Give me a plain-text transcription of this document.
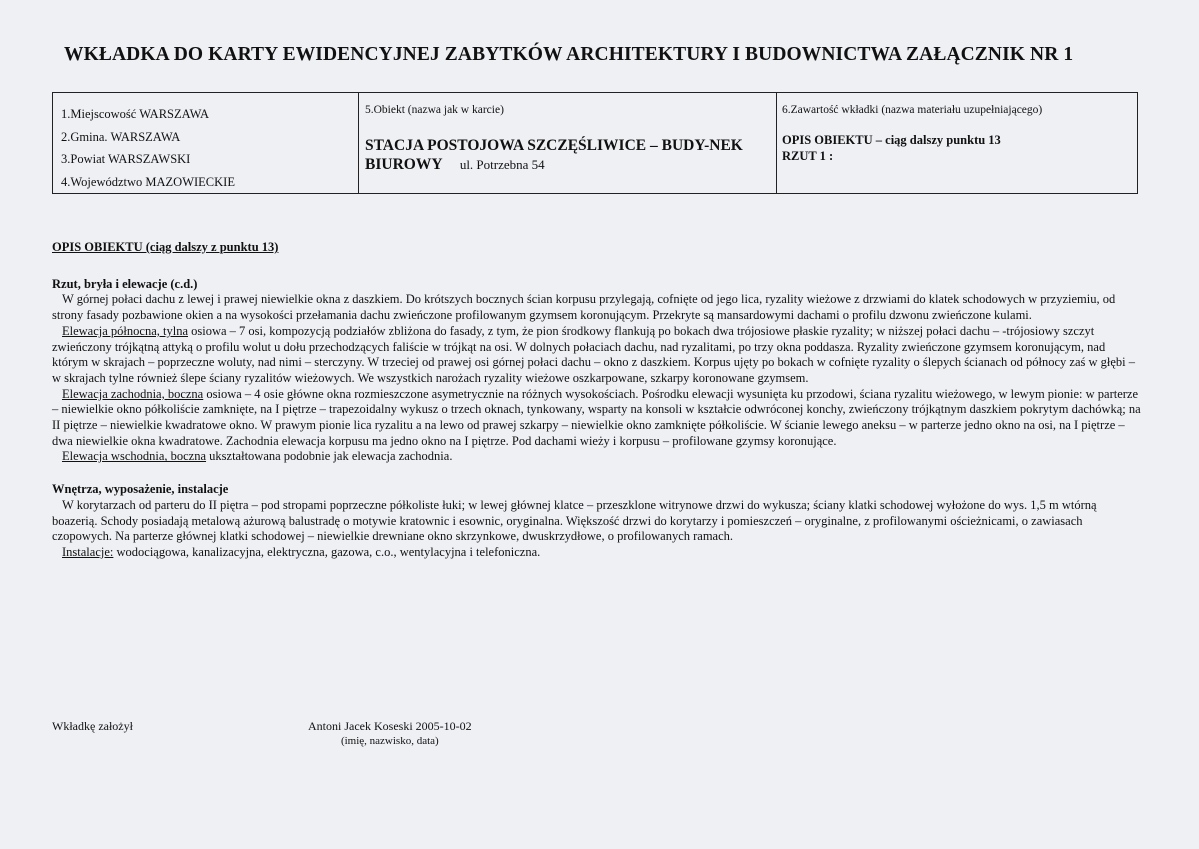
WKŁADKA DO KARTY EWIDENCYJNEJ ZABYTKÓW ARCHITEKTURY I BUDOWNICTWA ZAŁĄCZNIK NR 1
1.Miejscowość WARSZAWA
2.Gmina. WARSZAWA
3.Powiat WARSZAWSKI
4.Województwo MAZOWIECKIE
5.Obiekt (nazwa jak w karcie)
STACJA POSTOJOWA SZCZĘŚLIWICE – BUDY-NEK BIUROWY ul. Potrzebna 54
6.Zawartość wkładki (nazwa materiału uzupełniającego)
OPIS OBIEKTU – ciąg dalszy punktu 13
RZUT 1 :
OPIS OBIEKTU (ciąg dalszy z punktu 13)
Rzut, bryła i elewacje (c.d.)

W górnej połaci dachu z lewej i prawej niewielkie okna z daszkiem. Do krótszych bocznych ścian korpusu przylegają, cofnięte od jego lica, ryzality wieżowe z drzwiami do klatek schodowych w przyziemiu, od strony fasady pozbawione okien a na wysokości przełamania dachu zwieńczone profilowanym gzymsem koronującym. Przekryte są mansardowymi dachami o profilu dzwonu zwieńczone kulami.

Elewacja północna, tylna osiowa – 7 osi, kompozycją podziałów zbliżona do fasady, z tym, że pion środkowy flankują po bokach dwa trójosiowe płaskie ryzality; w niższej połaci dachu – -trójosiowy szczyt zwieńczony trójkątną attyką o profilu wolut u dołu przechodzących faliście w trójkąt na osi. W dolnych połaciach dachu, nad ryzalitami, po trzy okna poddasza. Ryzality zwieńczone gzymsem koronującym, nad którym w skrajach – poprzeczne woluty, nad nimi – sterczyny. W trzeciej od prawej osi górnej połaci dachu – okno z daszkiem. Korpus ujęty po bokach w cofnięte ryzality o ślepych ścianach od północy zaś w głębi – w skrajach tylne również ślepe ściany ryzalitów wieżowych. We wszystkich narożach ryzality wieżowe oszkarpowane, szkarpy koronowane gzymsem.

Elewacja zachodnia, boczna osiowa – 4 osie główne okna rozmieszczone asymetrycznie na różnych wysokościach. Pośrodku elewacji wysunięta ku przodowi, ściana ryzalitu wieżowego, w lewym pionie: w parterze – niewielkie okno półkoliście zamknięte, na I piętrze – trapezoidalny wykusz o trzech oknach, tynkowany, wsparty na konsoli w kształcie odwróconej konchy, zwieńczony trójkątnym daszkiem pokrytym dachówką; na II piętrze – niewielkie kwadratowe okno. W prawym pionie lica ryzalitu a na lewo od prawej szkarpy – niewielkie okno zamknięte półkoliście. W ścianie lewego aneksu – w parterze jedno okno na osi, na I piętrze – dwa niewielkie okna kwadratowe. Zachodnia elewacja korpusu ma jedno okno na I piętrze. Pod dachami wieży i korpusu – profilowane gzymsy koronujące.

Elewacja wschodnia, boczna ukształtowana podobnie jak elewacja zachodnia.

Wnętrza, wyposażenie, instalacje

W korytarzach od parteru do II piętra – pod stropami poprzeczne półkoliste łuki; w lewej głównej klatce – przeszklone witrynowe drzwi do wykusza; ściany klatki schodowej wyłożone do wys. 1,5 m wtórną boazerią. Schody posiadają metalową ażurową balustradę o motywie kratownic i esownic, oryginalna. Większość drzwi do korytarzy i pomieszczeń – oryginalne, z profilowanymi ościeżnicami, o zawiasach czopowych. Na parterze głównej klatki schodowej – niewielkie drewniane okno skrzynkowe, dwuskrzydłowe, o profilowanych ramach.

Instalacje: wodociągowa, kanalizacyjna, elektryczna, gazowa, c.o., wentylacyjna i telefoniczna.

Wkładkę założył	Antoni Jacek Koseski 2005-10-02
(imię, nazwisko, data)
